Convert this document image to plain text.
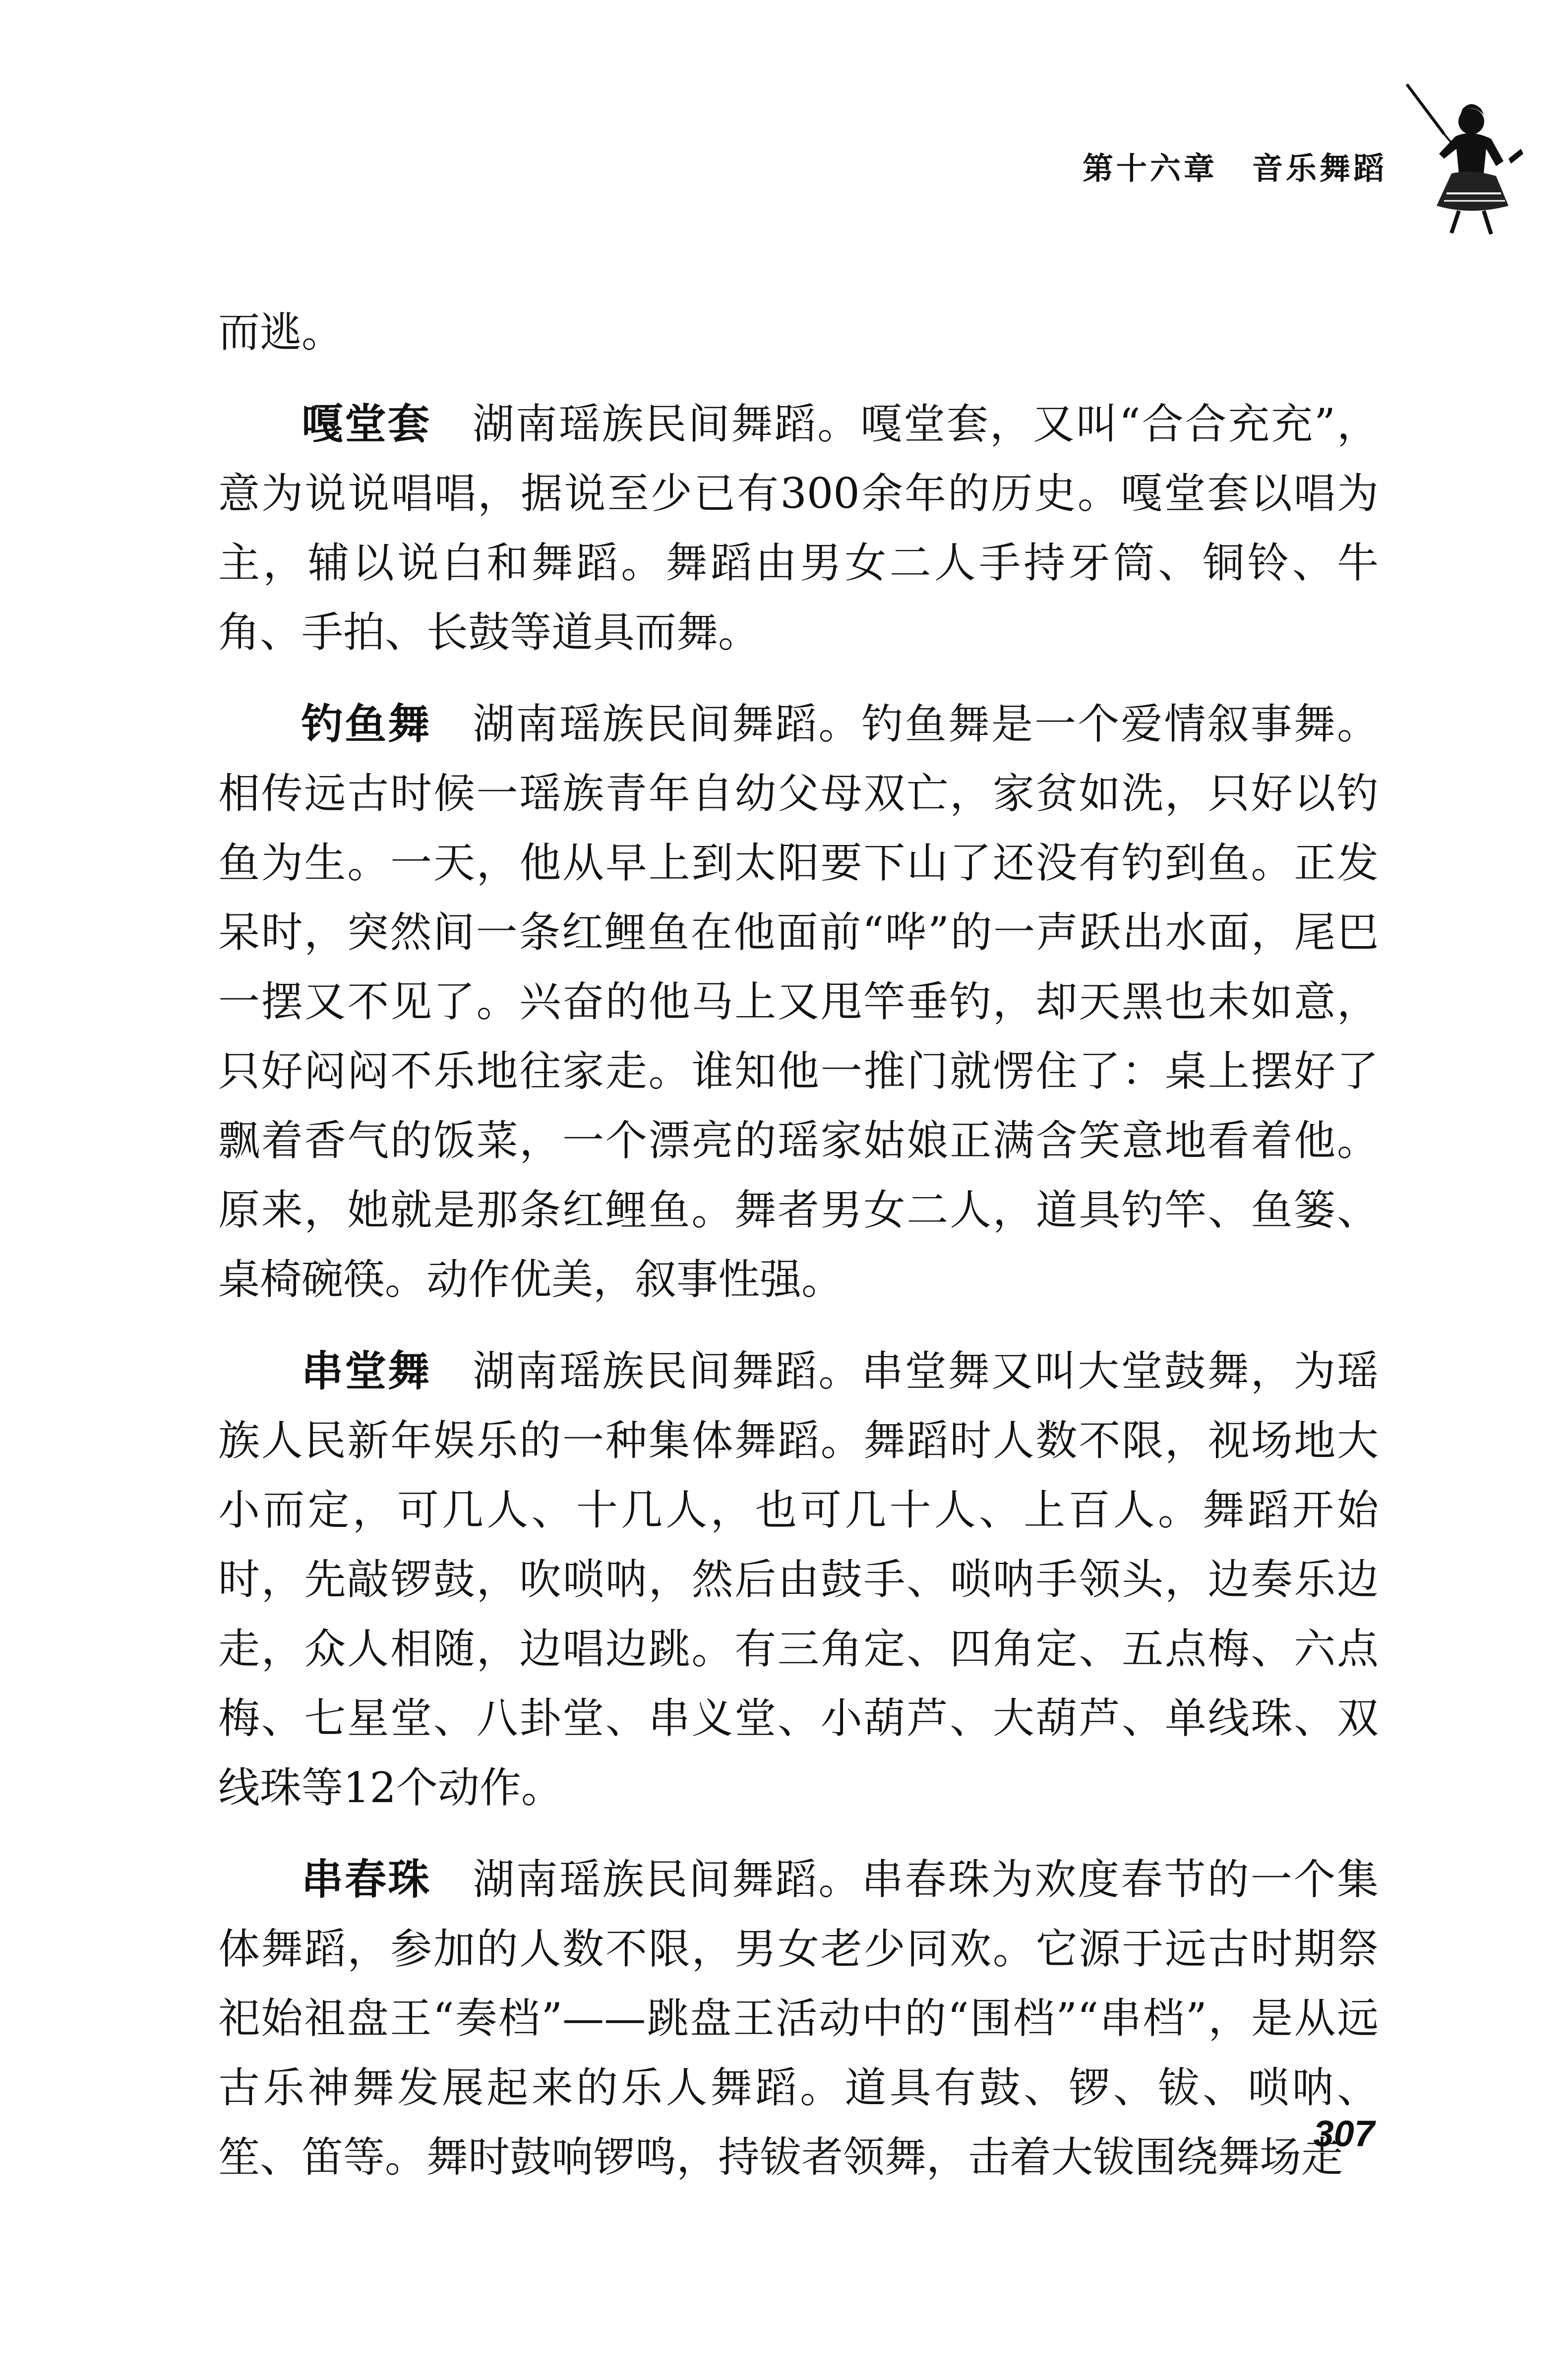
第十六章 音乐舞蹈

而逃。

嘎堂套 湖南瑶族民间舞蹈。嘎堂套，又叫“合合充充”，意为说说唱唱，据说至少已有300余年的历史。嘎堂套以唱为主，辅以说白和舞蹈。舞蹈由男女二人手持牙筒、铜铃、牛角、手拍、长鼓等道具而舞。

钓鱼舞 湖南瑶族民间舞蹈。钓鱼舞是一个爱情叙事舞。相传远古时候一瑶族青年自幼父母双亡，家贫如洗，只好以钓鱼为生。一天，他从早上到太阳要下山了还没有钓到鱼。正发呆时，突然间一条红鲤鱼在他面前“哗”的一声跃出水面，尾巴一摆又不见了。兴奋的他马上又甩竿垂钓，却天黑也未如意，只好闷闷不乐地往家走。谁知他一推门就愣住了：桌上摆好了飘着香气的饭菜，一个漂亮的瑶家姑娘正满含笑意地看着他。原来，她就是那条红鲤鱼。舞者男女二人，道具钓竿、鱼篓、桌椅碗筷。动作优美，叙事性强。

串堂舞 湖南瑶族民间舞蹈。串堂舞又叫大堂鼓舞，为瑶族人民新年娱乐的一种集体舞蹈。舞蹈时人数不限，视场地大小而定，可几人、十几人，也可几十人、上百人。舞蹈开始时，先敲锣鼓，吹唢呐，然后由鼓手、唢呐手领头，边奏乐边走，众人相随，边唱边跳。有三角定、四角定、五点梅、六点梅、七星堂、八卦堂、串义堂、小葫芦、大葫芦、单线珠、双线珠等12个动作。

串春珠 湖南瑶族民间舞蹈。串春珠为欢度春节的一个集体舞蹈，参加的人数不限，男女老少同欢。它源于远古时期祭祀始祖盘王“奏档”——跳盘王活动中的“围档”“串档”，是从远古乐神舞发展起来的乐人舞蹈。道具有鼓、锣、钹、唢呐、笙、笛等。舞时鼓响锣鸣，持钹者领舞，击着大钹围绕舞场走

307
